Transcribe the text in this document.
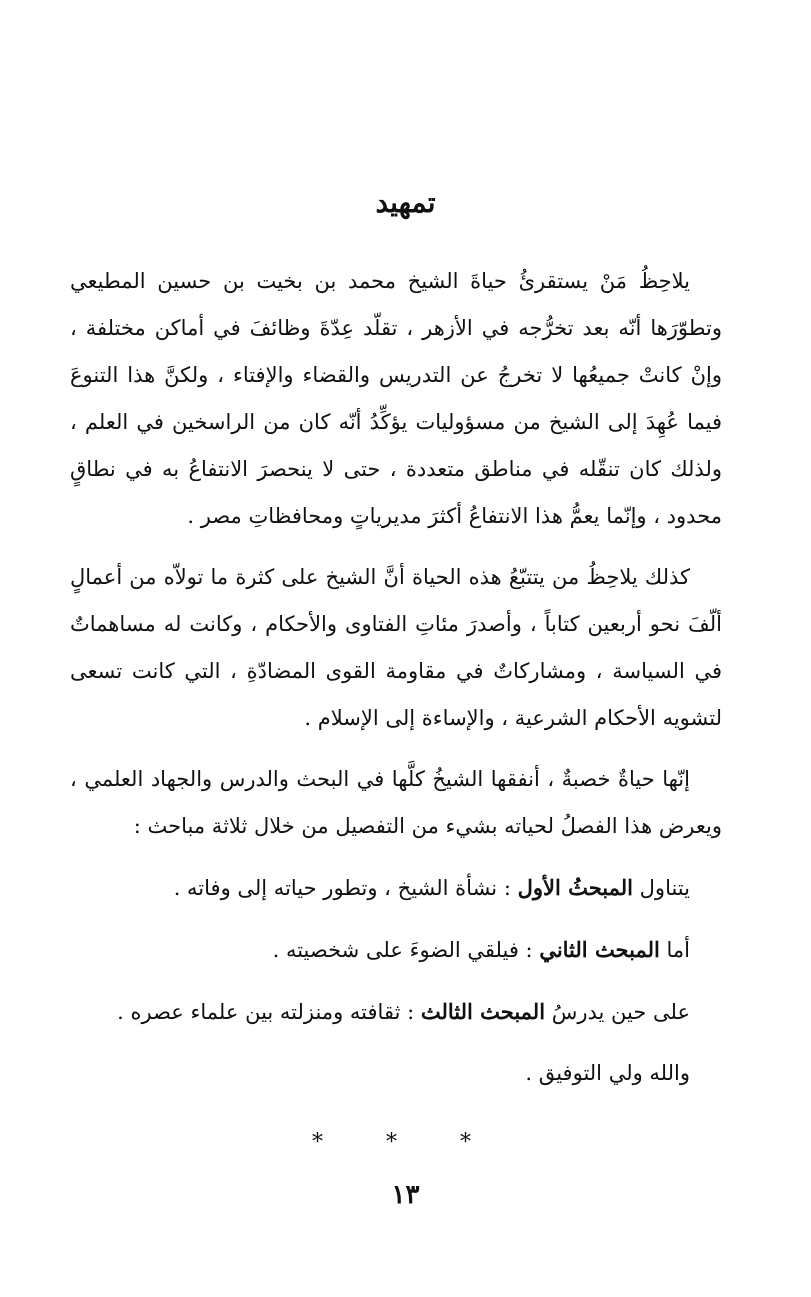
تمهيد

يلاحِظُ مَنْ يستقرئُ حياةَ الشيخ محمد بن بخيت بن حسين المطيعي وتطوّرَها أنّه بعد تخرُّجه في الأزهر ، تقلّد عِدّةَ وظائفَ في أماكن مختلفة ، وإنْ كانتْ جميعُها لا تخرجُ عن التدريس والقضاء والإفتاء ، ولكنَّ هذا التنوعَ فيما عُهِدَ إلى الشيخ من مسؤوليات يؤكِّدُ أنّه كان من الراسخين في العلم ، ولذلك كان تنقّله في مناطق متعددة ، حتى لا ينحصرَ الانتفاعُ به في نطاقٍ محدود ، وإنّما يعمُّ هذا الانتفاعُ أكثرَ مديرياتٍ ومحافظاتِ مصر .

كذلك يلاحِظُ من يتتبّعُ هذه الحياة أنَّ الشيخ على كثرة ما تولاّه من أعمالٍ ألّفَ نحو أربعين كتاباً ، وأصدرَ مئاتِ الفتاوى والأحكام ، وكانت له مساهماتٌ في السياسة ، ومشاركاتٌ في مقاومة القوى المضادّةِ ، التي كانت تسعى لتشويه الأحكام الشرعية ، والإساءة إلى الإسلام .

إنّها حياةٌ خصبةٌ ، أنفقها الشيخُ كلَّها في البحث والدرس والجهاد العلمي ، ويعرض هذا الفصلُ لحياته بشيء من التفصيل من خلال ثلاثة مباحث :

يتناول المبحثُ الأول : نشأة الشيخ ، وتطور حياته إلى وفاته .

أما المبحث الثاني : فيلقي الضوءَ على شخصيته .

على حين يدرسُ المبحث الثالث : ثقافته ومنزلته بين علماء عصره .

والله ولي التوفيق .

* * *
١٣
